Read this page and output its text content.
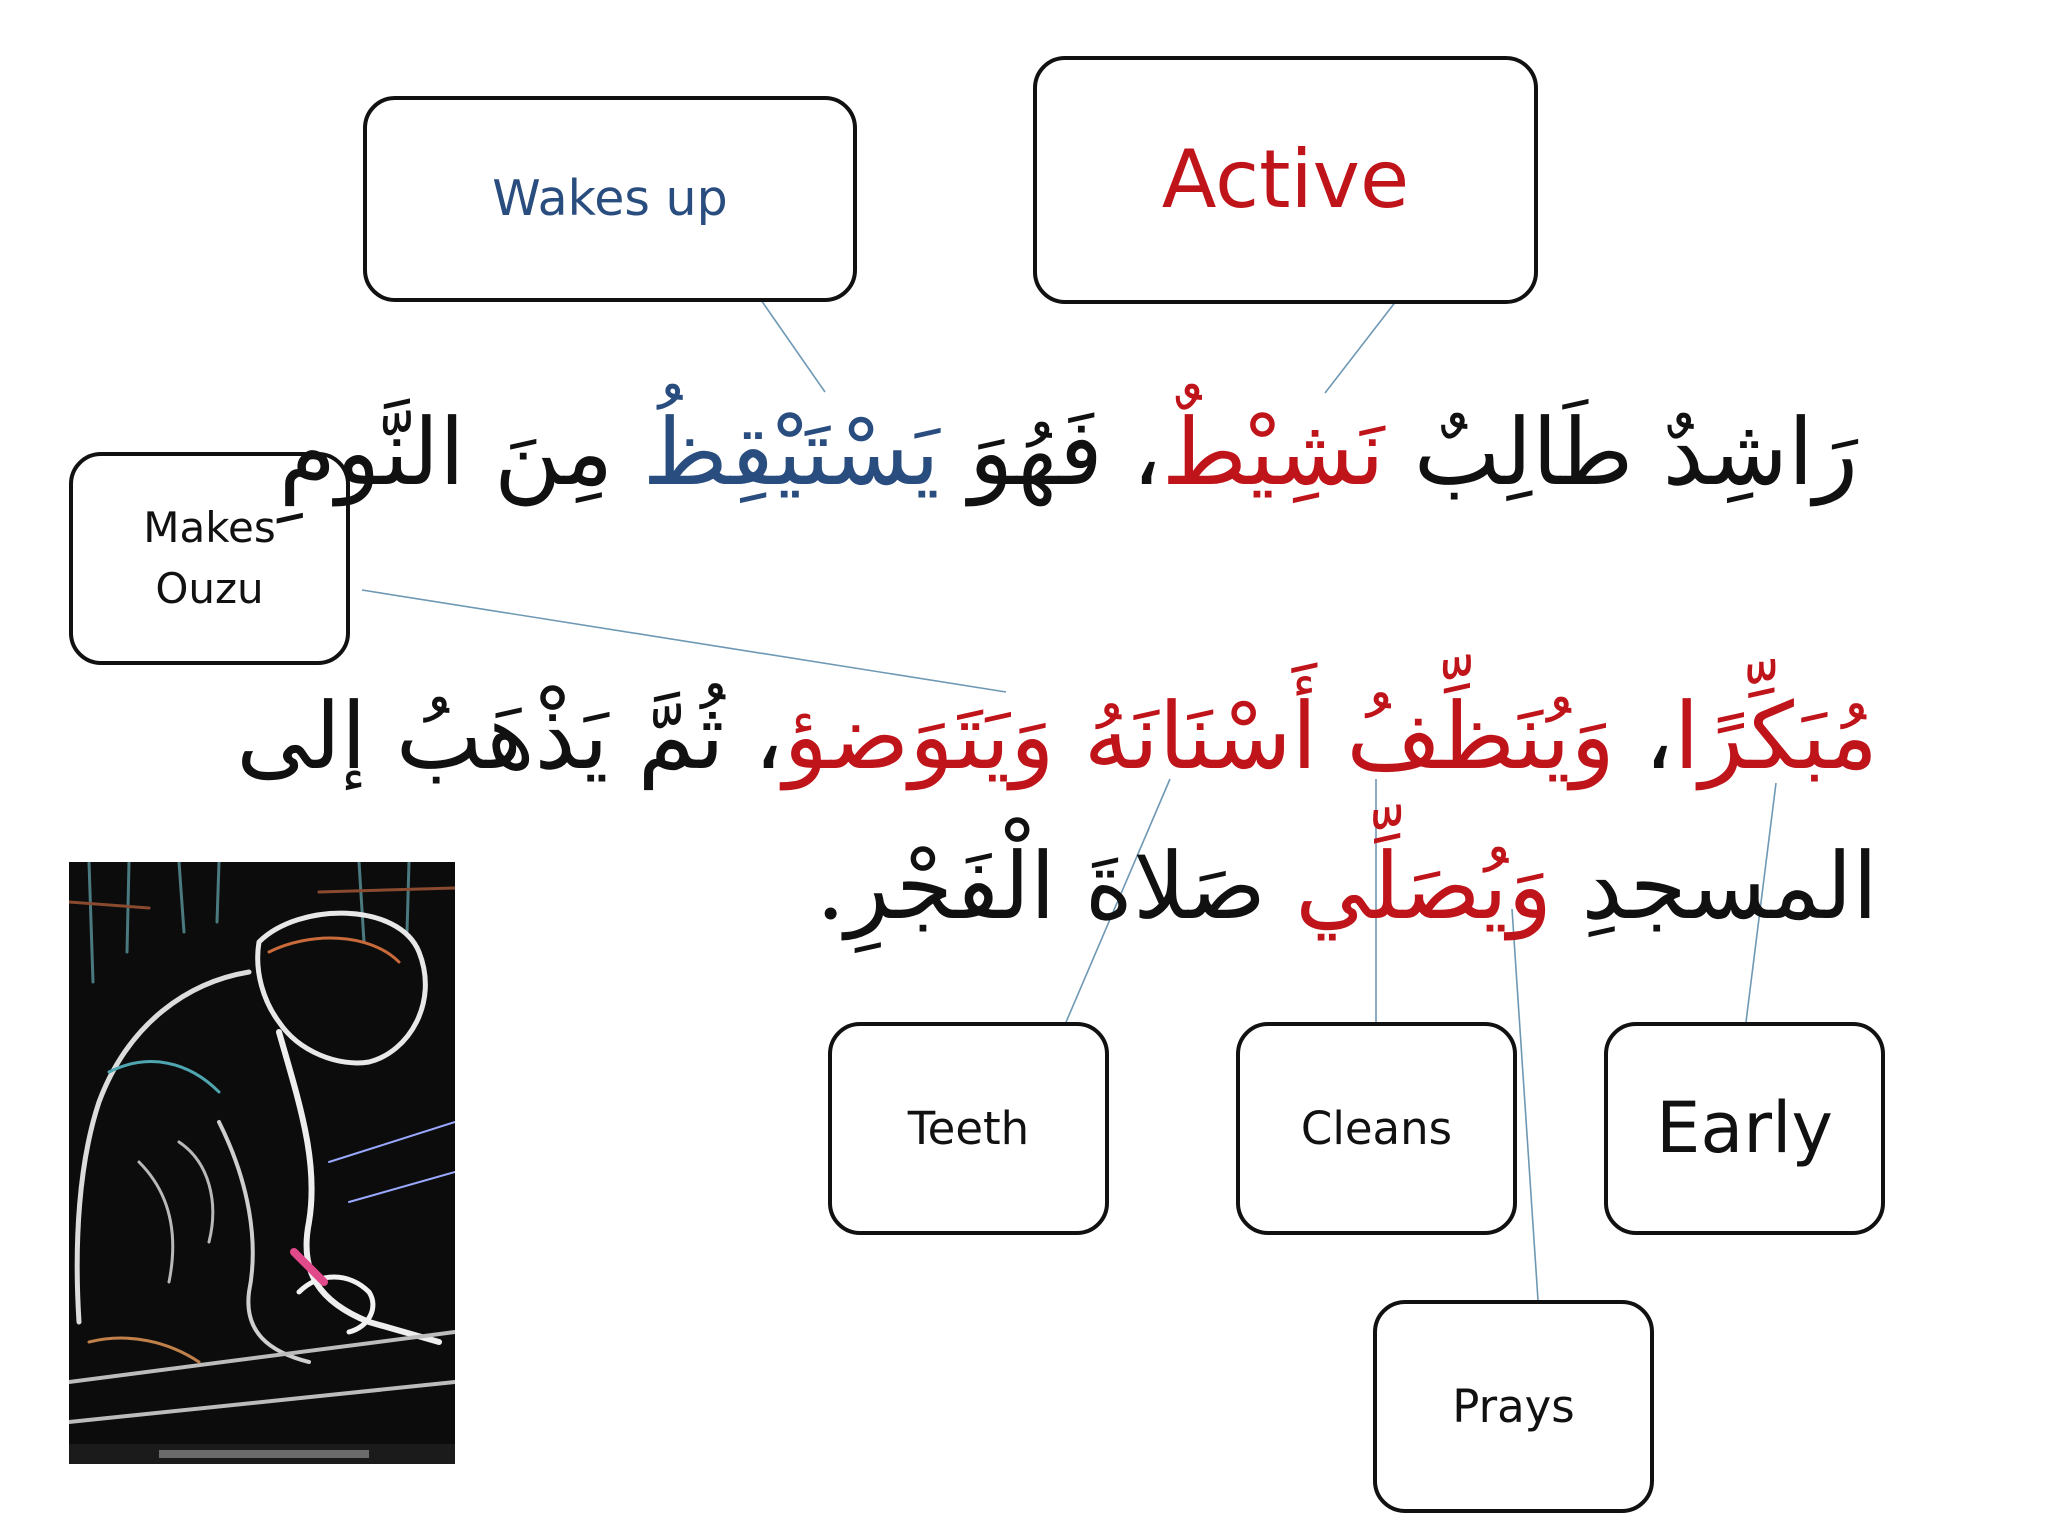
Wakes up	Active
Makes
Ouzu
Teeth	Cleans	Early
Prays
رَاشِدٌ طَالِبٌ نَشِيْطٌ، فَهُوَ يَسْتَيْقِظُ مِنَ النَّومِ
مُبَكِّرًا، وَيُنَظِّفُ أَسْنَانَهُ وَيَتَوَضؤ، ثُمَّ يَذْهَبُ إلى
المسجدِ وَيُصَلِّي صَلاةَ الْفَجْرِ.
